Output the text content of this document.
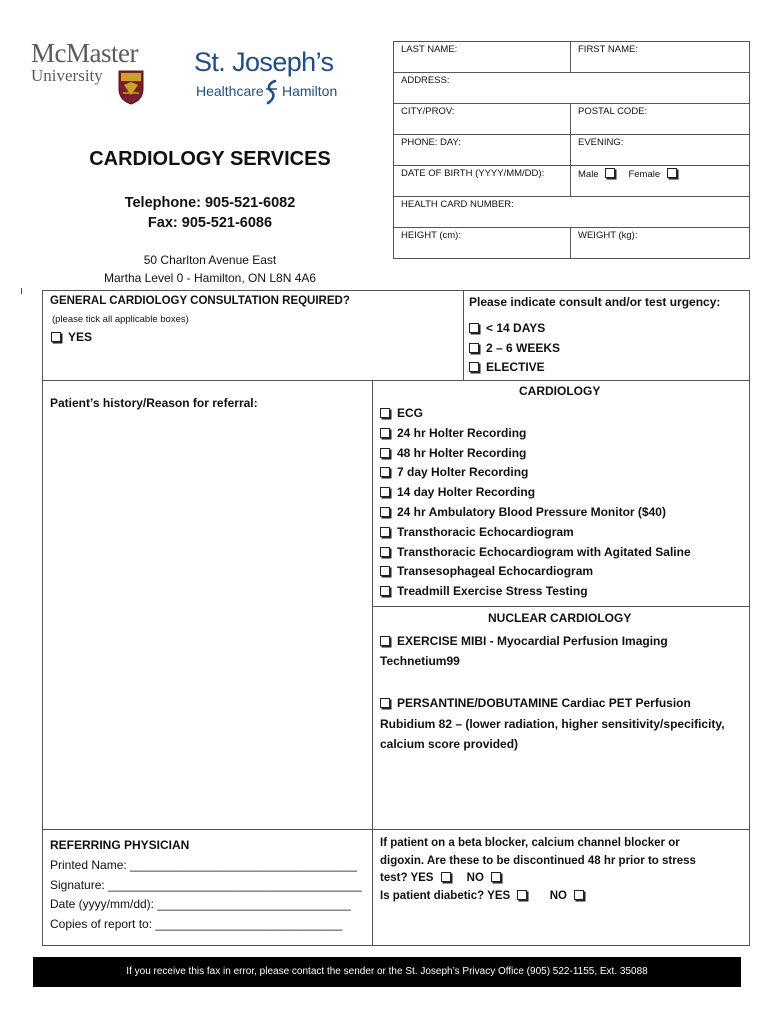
McMaster
University	St. Joseph’s
Healthcare Hamilton
CARDIOLOGY SERVICES
Telephone: 905-521-6082
Fax: 905-521-6086
50 Charlton Avenue East
Martha Level 0 - Hamilton, ON L8N 4A6
LAST NAME:	FIRST NAME:
ADDRESS:	
CITY/PROV:	POSTAL CODE:
PHONE: DAY:	EVENING:
DATE OF BIRTH (YYYY/MM/DD):	Male Female
HEALTH CARD NUMBER:	
HEIGHT (cm):	WEIGHT (kg):
GENERAL CARDIOLOGY CONSULTATION REQUIRED?
(please tick all applicable boxes)
YES
Please indicate consult and/or test urgency:
< 14 DAYS
2 – 6 WEEKS
ELECTIVE
Patient’s history/Reason for referral:
CARDIOLOGY
ECG
24 hr Holter Recording
48 hr Holter Recording
7 day Holter Recording
14 day Holter Recording
24 hr Ambulatory Blood Pressure Monitor ($40)
Transthoracic Echocardiogram
Transthoracic Echocardiogram with Agitated Saline
Transesophageal Echocardiogram
Treadmill Exercise Stress Testing
NUCLEAR CARDIOLOGY
EXERCISE MIBI - Myocardial Perfusion Imaging
Technetium99
PERSANTINE/DOBUTAMINE Cardiac PET Perfusion
Rubidium 82 – (lower radiation, higher sensitivity/specificity,
calcium score provided)
REFERRING PHYSICIAN
Printed Name: __________________________________
Signature: ______________________________________
Date (yyyy/mm/dd): _____________________________
Copies of report to: ____________________________
If patient on a beta blocker, calcium channel blocker or
digoxin. Are these to be discontinued 48 hr prior to stress
test? YES	NO
Is patient diabetic? YES	NO
If you receive this fax in error, please contact the sender or the St. Joseph’s Privacy Office (905) 522-1155, Ext. 35088
